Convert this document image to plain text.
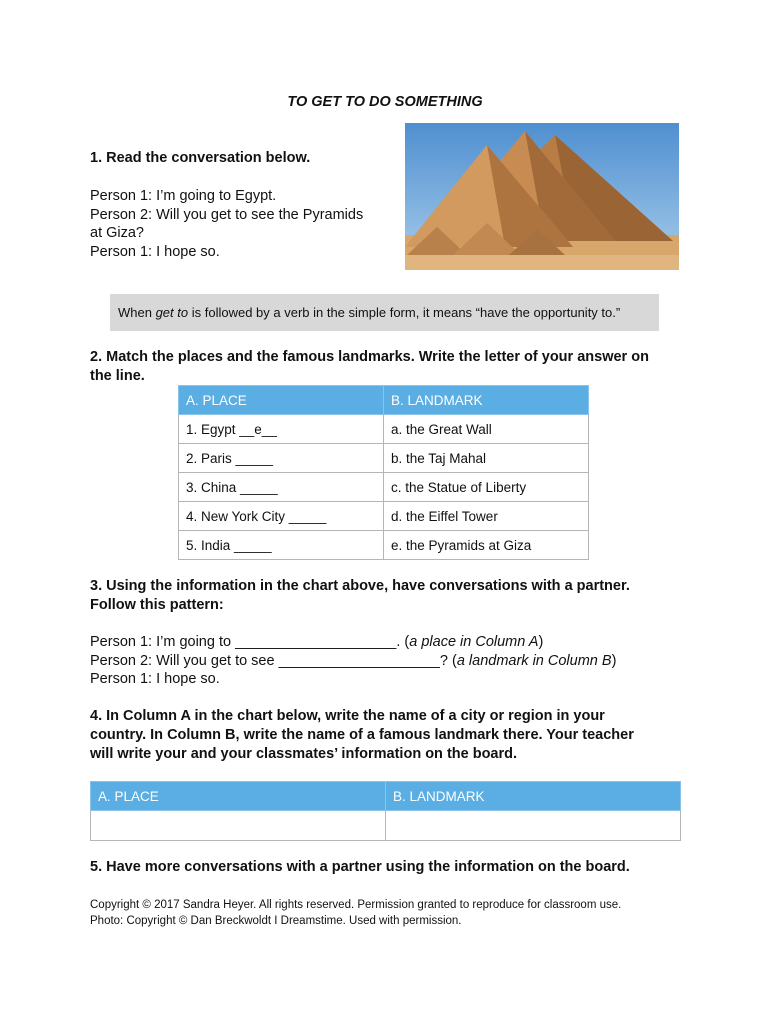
TO GET TO DO SOMETHING
1. Read the conversation below.
Person 1: I’m going to Egypt.
Person 2: Will you get to see the Pyramids
at Giza?
Person 1: I hope so.
When get to is followed by a verb in the simple form, it means “have the opportunity to.”
2. Match the places and the famous landmarks. Write the letter of your answer on
the line.
A. PLACE	B. LANDMARK
1. Egypt __e__	a. the Great Wall
2. Paris _____	b. the Taj Mahal
3. China _____	c. the Statue of Liberty
4. New York City _____	d. the Eiffel Tower
5. India _____	e. the Pyramids at Giza
3. Using the information in the chart above, have conversations with a partner.
Follow this pattern:
Person 1: I’m going to ____________________. (a place in Column A)
Person 2: Will you get to see ____________________? (a landmark in Column B)
Person 1: I hope so.
4. In Column A in the chart below, write the name of a city or region in your
country. In Column B, write the name of a famous landmark there. Your teacher
will write your and your classmates’ information on the board.
A. PLACE	B. LANDMARK

5. Have more conversations with a partner using the information on the board.
Copyright © 2017 Sandra Heyer. All rights reserved. Permission granted to reproduce for classroom use.
Photo: Copyright © Dan Breckwoldt I Dreamstime. Used with permission.
